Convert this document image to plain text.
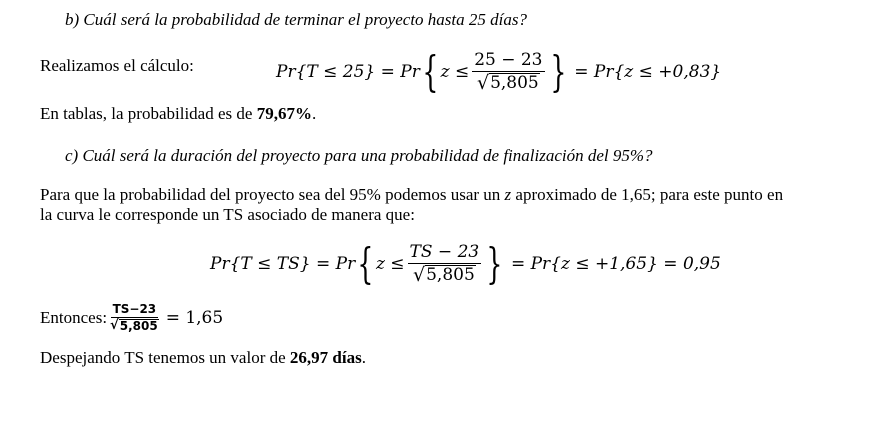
b) Cuál será la probabilidad de terminar el proyecto hasta 25 días?
Realizamos el cálculo:	Pr{T ≤ 25} = Pr { $z \le \frac{25 - 23}{√ 5,805}$ } = Pr{z ≤ +0,83}
En tablas, la probabilidad es de 79,67%.
c) Cuál será la duración del proyecto para una probabilidad de finalización del 95%?
Para que la probabilidad del proyecto sea del 95% podemos usar un z aproximado de 1,65; para este punto en
la curva le corresponde un TS asociado de manera que:
Pr{T ≤ TS} = Pr { $z \le \frac{TS - 23}{√ 5,805}$ } = Pr{z ≤ +1,65} = 0,95
Entonces: $\frac{TS-23}{√ 5,805} = 1,65$
Despejando TS tenemos un valor de 26,97 días.
